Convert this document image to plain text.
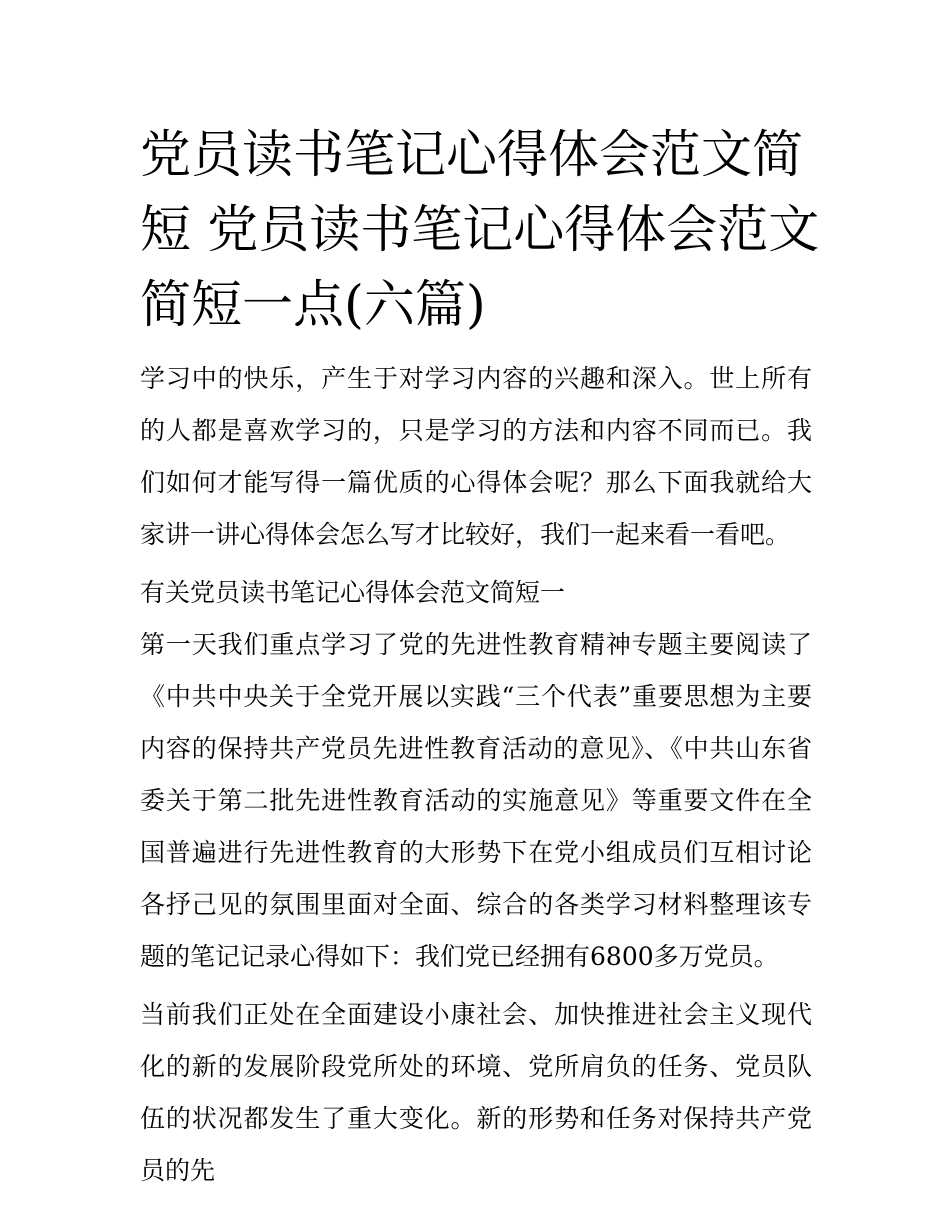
党员读书笔记心得体会范文简短 党员读书笔记心得体会范文简短一点(六篇)

学习中的快乐，产生于对学习内容的兴趣和深入。世上所有的人都是喜欢学习的，只是学习的方法和内容不同而已。我们如何才能写得一篇优质的心得体会呢？那么下面我就给大家讲一讲心得体会怎么写才比较好，我们一起来看一看吧。

有关党员读书笔记心得体会范文简短一

第一天我们重点学习了党的先进性教育精神专题主要阅读了《中共中央关于全党开展以实践“三个代表”重要思想为主要内容的保持共产党员先进性教育活动的意见》、《中共山东省委关于第二批先进性教育活动的实施意见》等重要文件在全国普遍进行先进性教育的大形势下在党小组成员们互相讨论各抒己见的氛围里面对全面、综合的各类学习材料整理该专题的笔记记录心得如下：我们党已经拥有6800多万党员。

当前我们正处在全面建设小康社会、加快推进社会主义现代化的新的发展阶段党所处的环境、党所肩负的任务、党员队伍的状况都发生了重大变化。新的形势和任务对保持共产党员的先
